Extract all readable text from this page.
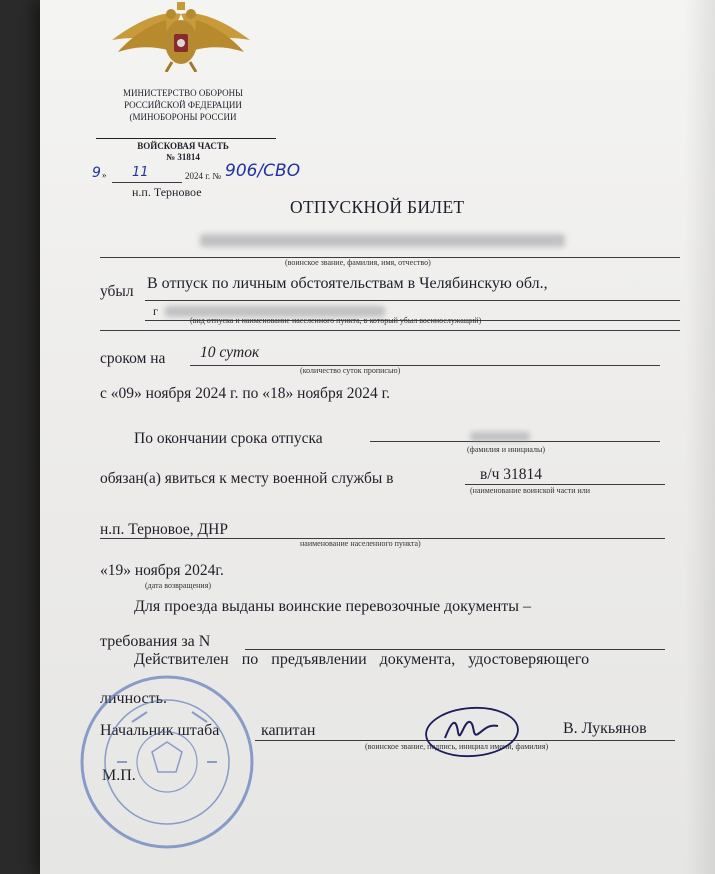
МИНИСТЕРСТВО ОБОРОНЫ
РОССИЙСКОЙ ФЕДЕРАЦИИ
(МИНОБОРОНЫ РОССИИ
ВОЙСКОВАЯ ЧАСТЬ
№ 31814
9 » 11	2024 г. № 906/СВО
н.п. Терновое
ОТПУСКНОЙ БИЛЕТ
(воинское звание, фамилия, имя, отчество)
убыл В отпуск по личным обстоятельствам в Челябинскую обл.,
г
(вид отпуска и наименование населенного пункта, в который убыл военнослужащий)
сроком на 10 суток
(количество суток прописью)
с «09» ноября 2024 г. по «18» ноября 2024 г.
По окончании срока отпуска
(фамилия и инициалы)
обязан(а) явиться к месту военной службы в	в/ч 31814
(наименование воинской части или
н.п. Терновое, ДНР
наименование населенного пункта)
«19» ноября 2024г.
(дата возвращения)
Для проезда выданы воинские перевозочные документы –
требования за N
Действителен по предъявлении документа, удостоверяющего
личность.
Начальник штаба	капитан	В. Лукьянов
(воинское звание, подпись, инициал имени, фамилия)
М.П.
